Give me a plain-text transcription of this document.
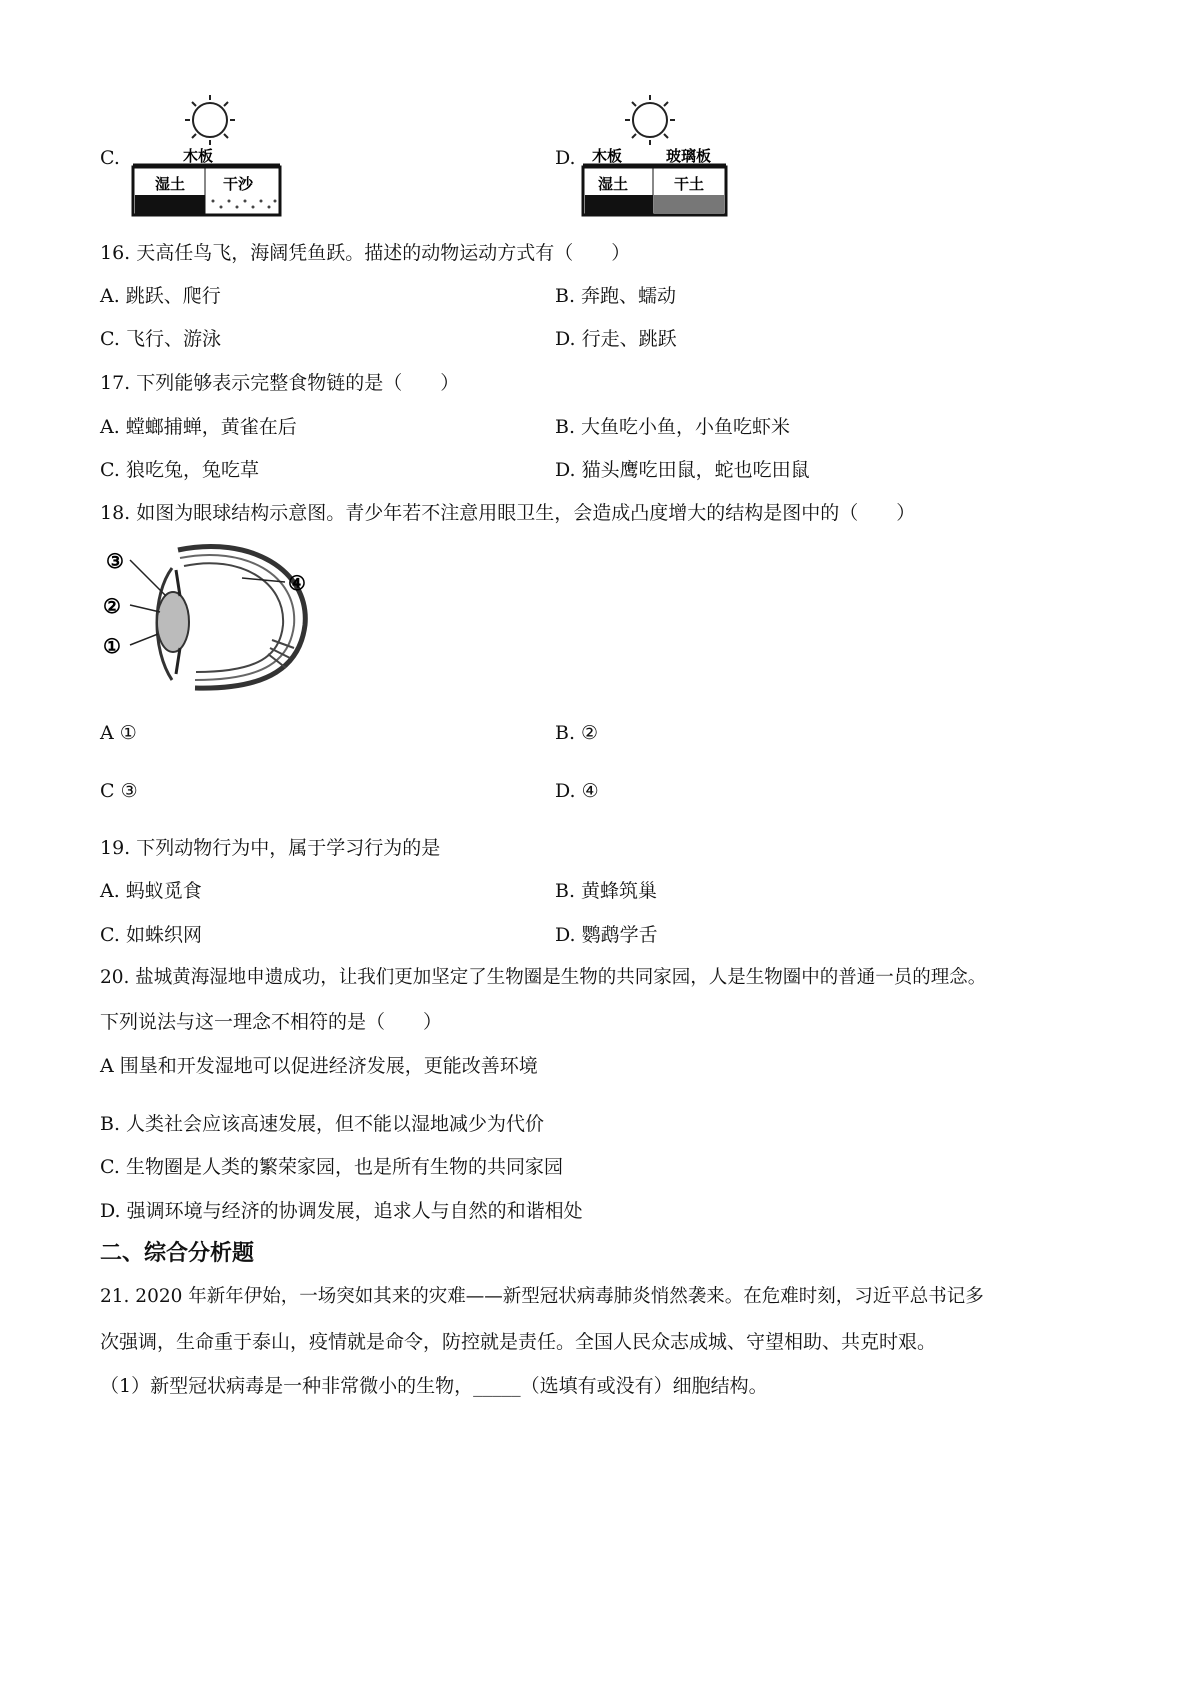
C.	木板
湿土	干沙
D. 木板	玻璃板
湿土	干土
16. 天高任鸟飞，海阔凭鱼跃。描述的动物运动方式有（　　）
A. 跳跃、爬行	B. 奔跑、蠕动
C. 飞行、游泳	D. 行走、跳跃
17. 下列能够表示完整食物链的是（　　）
A. 螳螂捕蝉，黄雀在后	B. 大鱼吃小鱼，小鱼吃虾米
C. 狼吃兔，兔吃草	D. 猫头鹰吃田鼠，蛇也吃田鼠
18. 如图为眼球结构示意图。青少年若不注意用眼卫生，会造成凸度增大的结构是图中的（　　）
③
②
①
④
A ①	B. ②
C ③	D. ④
19. 下列动物行为中，属于学习行为的是
A. 蚂蚁觅食	B. 黄蜂筑巢
C. 如蛛织网	D. 鹦鹉学舌
20. 盐城黄海湿地申遗成功，让我们更加坚定了生物圈是生物的共同家园，人是生物圈中的普通一员的理念。
下列说法与这一理念不相符的是（　　）
A 围垦和开发湿地可以促进经济发展，更能改善环境
B. 人类社会应该高速发展，但不能以湿地减少为代价
C. 生物圈是人类的繁荣家园，也是所有生物的共同家园
D. 强调环境与经济的协调发展，追求人与自然的和谐相处
二、综合分析题
21. 2020 年新年伊始，一场突如其来的灾难——新型冠状病毒肺炎悄然袭来。在危难时刻，习近平总书记多
次强调，生命重于泰山，疫情就是命令，防控就是责任。全国人民众志成城、守望相助、共克时艰。
（1）新型冠状病毒是一种非常微小的生物，_____（选填有或没有）细胞结构。
